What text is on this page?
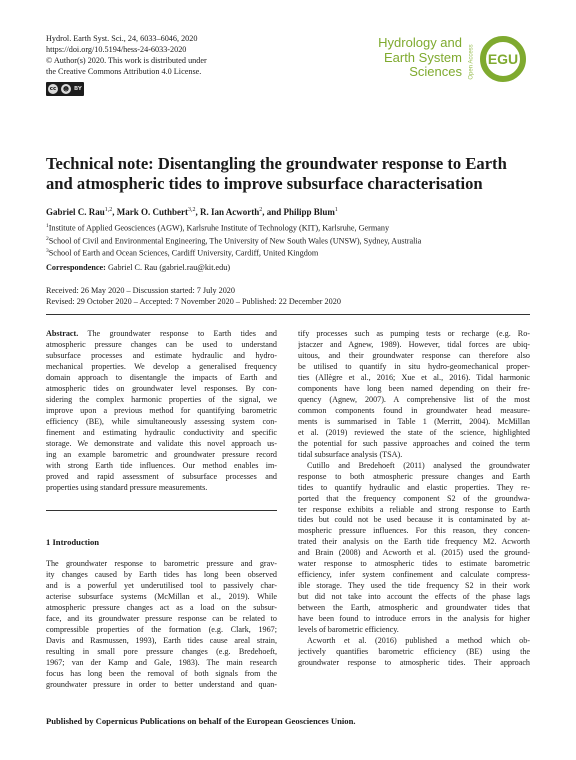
Hydrol. Earth Syst. Sci., 24, 6033–6046, 2020
https://doi.org/10.5194/hess-24-6033-2020
© Author(s) 2020. This work is distributed under
the Creative Commons Attribution 4.0 License.
cc	☻ BY
Hydrology and
Earth System
Sciences Open Access EGU
Technical note: Disentangling the groundwater response to Earth and atmospheric tides to improve subsurface characterisation
Gabriel C. Rau$^{1,2}$, Mark O. Cuthbert$^{3,2}$, R. Ian Acworth$^2$, and Philipp Blum$^1$
$^1$Institute of Applied Geosciences (AGW), Karlsruhe Institute of Technology (KIT), Karlsruhe, Germany
$^2$School of Civil and Environmental Engineering, The University of New South Wales (UNSW), Sydney, Australia
$^3$School of Earth and Ocean Sciences, Cardiff University, Cardiff, United Kingdom
Correspondence: Gabriel C. Rau (gabriel.rau@kit.edu)
Received: 26 May 2020 – Discussion started: 7 July 2020
Revised: 29 October 2020 – Accepted: 7 November 2020 – Published: 22 December 2020
Abstract. The groundwater response to Earth tides and
atmospheric pressure changes can be used to understand
subsurface processes and estimate hydraulic and hydro-
mechanical properties. We develop a generalised frequency
domain approach to disentangle the impacts of Earth and
atmospheric tides on groundwater level responses. By con-
sidering the complex harmonic properties of the signal, we
improve upon a previous method for quantifying barometric
efficiency (BE), while simultaneously assessing system con-
finement and estimating hydraulic conductivity and specific
storage. We demonstrate and validate this novel approach us-
ing an example barometric and groundwater pressure record
with strong Earth tide influences. Our method enables im-
proved and rapid assessment of subsurface processes and
properties using standard pressure measurements.
1 Introduction
The groundwater response to barometric pressure and grav-
ity changes caused by Earth tides has long been observed
and is a powerful yet underutilised tool to passively char-
acterise subsurface systems (McMillan et al., 2019). While
atmospheric pressure changes act as a load on the subsur-
face, and its groundwater pressure response can be related to
compressible properties of the formation (e.g. Clark, 1967;
Davis and Rasmussen, 1993), Earth tides cause areal strain,
resulting in small pore pressure changes (e.g. Bredehoeft,
1967; van der Kamp and Gale, 1983). The main research
focus has long been the removal of both signals from the
groundwater pressure in order to better understand and quan-
tify processes such as pumping tests or recharge (e.g. Ro-
jstaczer and Agnew, 1989). However, tidal forces are ubiq-
uitous, and their groundwater response can therefore also
be utilised to quantify in situ hydro-geomechanical proper-
ties (Allègre et al., 2016; Xue et al., 2016). Tidal harmonic
components have long been named depending on their fre-
quency (Agnew, 2007). A comprehensive list of the most
common components found in groundwater head measure-
ments is summarised in Table 1 (Merritt, 2004). McMillan
et al. (2019) reviewed the state of the science, highlighted
the potential for such passive approaches and coined the term
tidal subsurface analysis (TSA).
Cutillo and Bredehoeft (2011) analysed the groundwater
response to both atmospheric pressure changes and Earth
tides to quantify hydraulic and elastic properties. They re-
ported that the frequency component S2 of the groundwa-
ter response exhibits a reliable and strong response to Earth
tides but could not be used because it is contaminated by at-
mospheric pressure influences. For this reason, they concen-
trated their analysis on the Earth tide frequency M2. Acworth
and Brain (2008) and Acworth et al. (2015) used the ground-
water response to atmospheric tides to estimate barometric
efficiency, infer system confinement and calculate compress-
ible storage. They used the tide frequency S2 in their work
but did not take into account the effects of the phase lags
between the Earth, atmospheric and groundwater tides that
have been found to introduce errors in the analysis for higher
levels of barometric efficiency.
Acworth et al. (2016) published a method which ob-
jectively quantifies barometric efficiency (BE) using the
groundwater response to atmospheric tides. Their approach
Published by Copernicus Publications on behalf of the European Geosciences Union.
